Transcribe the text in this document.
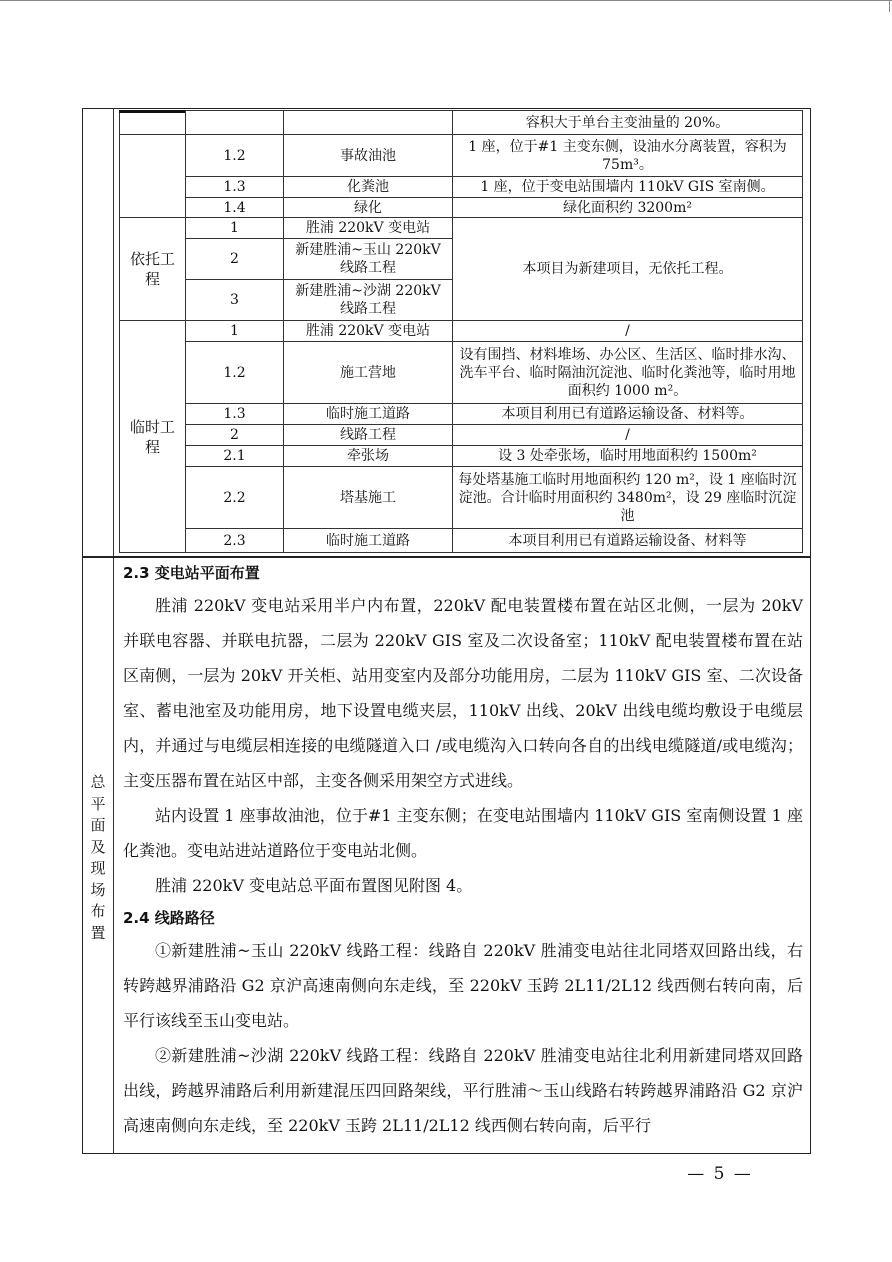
			容积大于单台主变油量的 20%。
	1.2	事故油池	1 座，位于#1 主变东侧，设油水分离装置，容积为 75m³。
	1.3	化粪池	1 座，位于变电站围墙内 110kV GIS 室南侧。
	1.4	绿化	绿化面积约 3200m²
依托工程	1	胜浦 220kV 变电站	本项目为新建项目，无依托工程。
	2	新建胜浦~玉山 220kV 线路工程	
	3	新建胜浦~沙湖 220kV 线路工程	
临时工程	1	胜浦 220kV 变电站	/
	1.2	施工营地	设有围挡、材料堆场、办公区、生活区、临时排水沟、洗车平台、临时隔油沉淀池、临时化粪池等，临时用地面积约 1000 m²。
	1.3	临时施工道路	本项目利用已有道路运输设备、材料等。
	2	线路工程	/
	2.1	牵张场	设 3 处牵张场，临时用地面积约 1500m²
	2.2	塔基施工	每处塔基施工临时用地面积约 120 m²，设 1 座临时沉淀池。合计临时用面积约 3480m²，设 29 座临时沉淀池
	2.3	临时施工道路	本项目利用已有道路运输设备、材料等
总
平
面
及
现
场
布
置
2.3 变电站平面布置

胜浦 220kV 变电站采用半户内布置，220kV 配电装置楼布置在站区北侧，一层为 20kV 并联电容器、并联电抗器，二层为 220kV GIS 室及二次设备室；110kV 配电装置楼布置在站区南侧，一层为 20kV 开关柜、站用变室内及部分功能用房，二层为 110kV GIS 室、二次设备室、蓄电池室及功能用房，地下设置电缆夹层，110kV 出线、20kV 出线电缆均敷设于电缆层内，并通过与电缆层相连接的电缆隧道入口 /或电缆沟入口转向各自的出线电缆隧道/或电缆沟；主变压器布置在站区中部，主变各侧采用架空方式进线。

站内设置 1 座事故油池，位于#1 主变东侧；在变电站围墙内 110kV GIS 室南侧设置 1 座化粪池。变电站进站道路位于变电站北侧。

胜浦 220kV 变电站总平面布置图见附图 4。

2.4 线路路径

①新建胜浦~玉山 220kV 线路工程：线路自 220kV 胜浦变电站往北同塔双回路出线，右转跨越界浦路沿 G2 京沪高速南侧向东走线，至 220kV 玉跨 2L11/2L12 线西侧右转向南，后平行该线至玉山变电站。

②新建胜浦~沙湖 220kV 线路工程：线路自 220kV 胜浦变电站往北利用新建同塔双回路出线，跨越界浦路后利用新建混压四回路架线，平行胜浦～玉山线路右转跨越界浦路沿 G2 京沪高速南侧向东走线，至 220kV 玉跨 2L11/2L12 线西侧右转向南，后平行

— 5 —
